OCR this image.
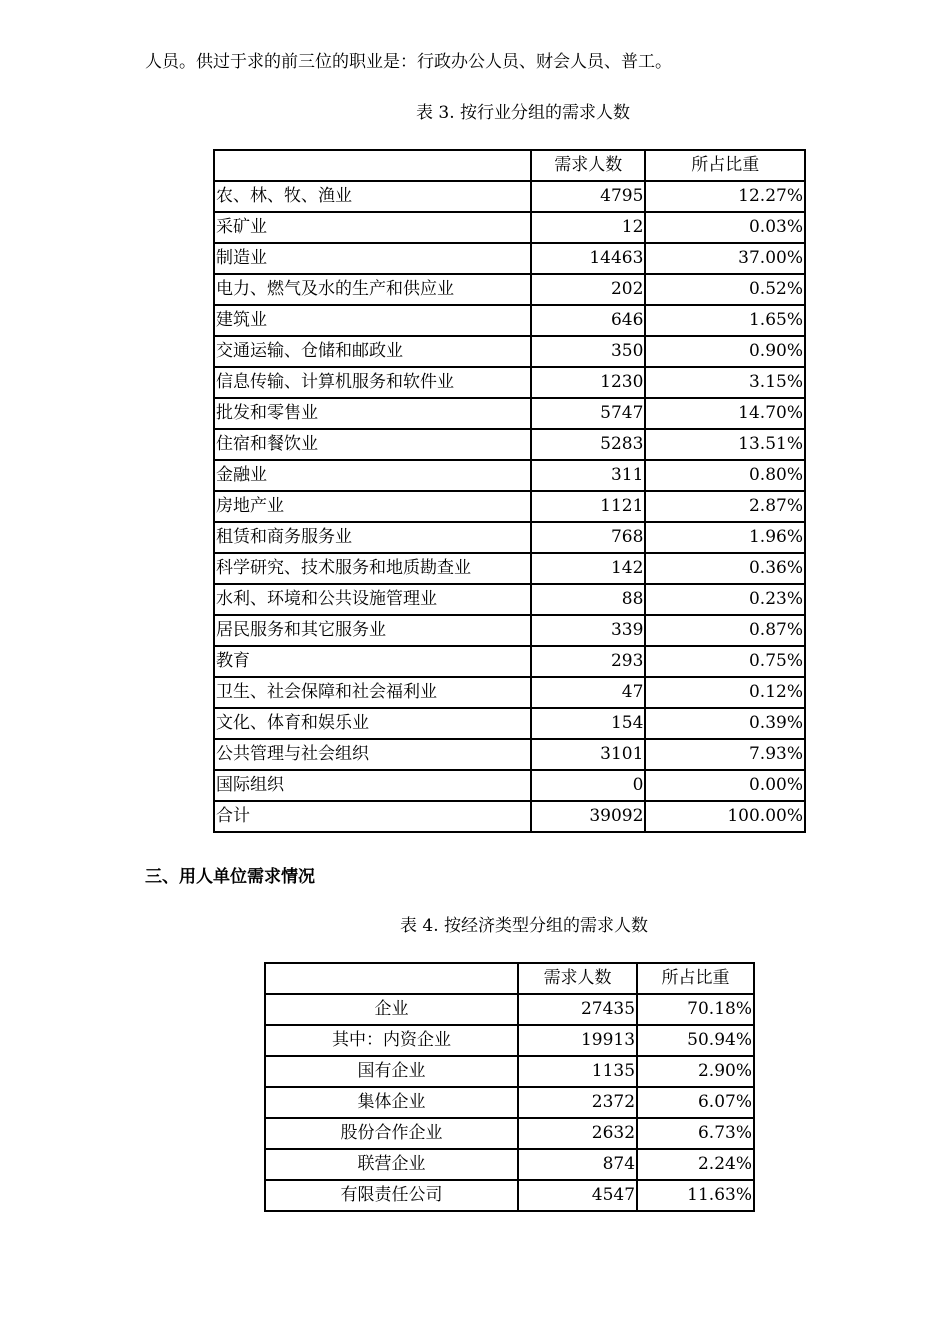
人员。供过于求的前三位的职业是：行政办公人员、财会人员、普工。
表 3. 按行业分组的需求人数
	需求人数	所占比重
农、林、牧、渔业	4795	12.27%
采矿业	12	0.03%
制造业	14463	37.00%
电力、燃气及水的生产和供应业	202	0.52%
建筑业	646	1.65%
交通运输、仓储和邮政业	350	0.90%
信息传输、计算机服务和软件业	1230	3.15%
批发和零售业	5747	14.70%
住宿和餐饮业	5283	13.51%
金融业	311	0.80%
房地产业	1121	2.87%
租赁和商务服务业	768	1.96%
科学研究、技术服务和地质勘查业	142	0.36%
水利、环境和公共设施管理业	88	0.23%
居民服务和其它服务业	339	0.87%
教育	293	0.75%
卫生、社会保障和社会福利业	47	0.12%
文化、体育和娱乐业	154	0.39%
公共管理与社会组织	3101	7.93%
国际组织	0	0.00%
合计	39092	100.00%
三、用人单位需求情况
表 4. 按经济类型分组的需求人数
	需求人数	所占比重
企业	27435	70.18%
其中：内资企业	19913	50.94%
国有企业	1135	2.90%
集体企业	2372	6.07%
股份合作企业	2632	6.73%
联营企业	874	2.24%
有限责任公司	4547	11.63%
